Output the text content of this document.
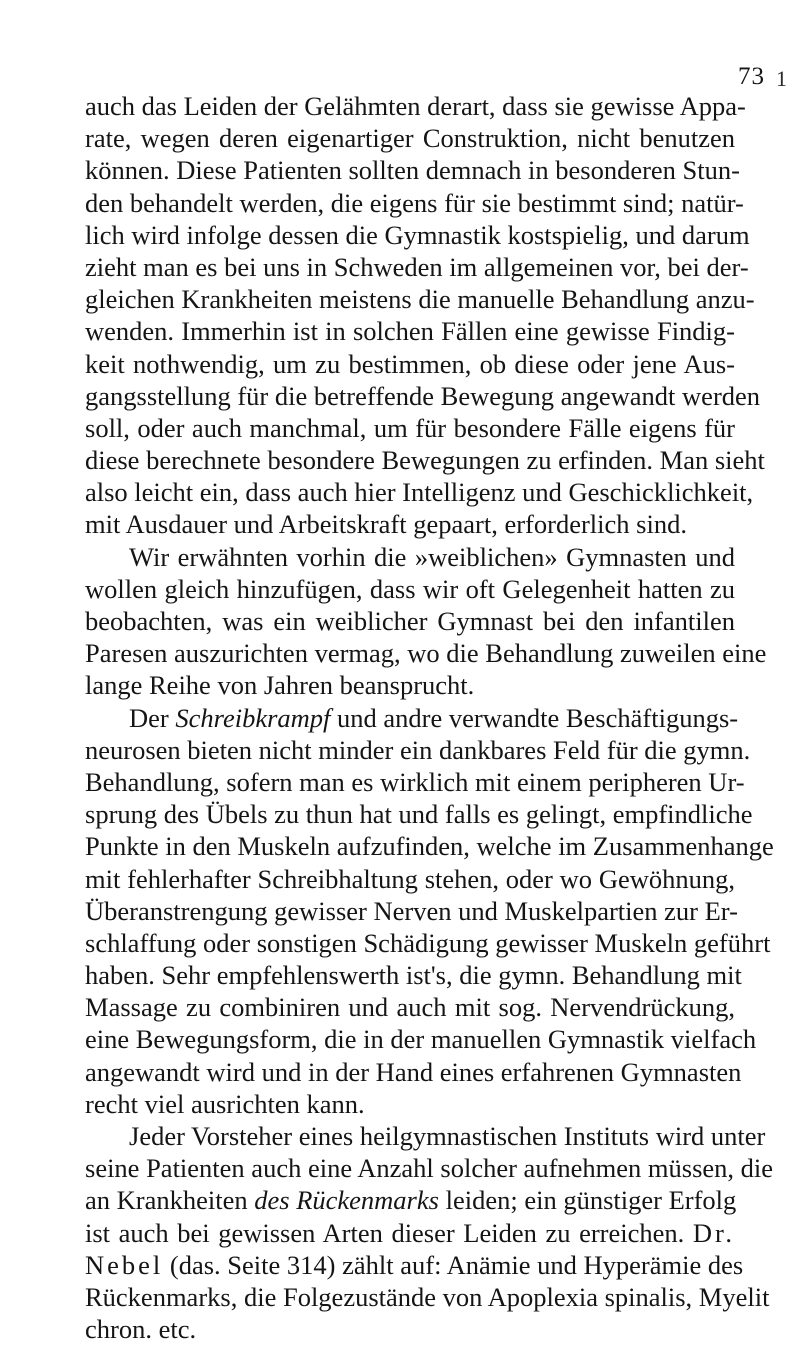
73 1
auch das Leiden der Gelähmten derart, dass sie gewisse Appa-
rate, wegen deren eigenartiger Construktion, nicht benutzen
können. Diese Patienten sollten demnach in besonderen Stun-
den behandelt werden, die eigens für sie bestimmt sind; natür-
lich wird infolge dessen die Gymnastik kostspielig, und darum
zieht man es bei uns in Schweden im allgemeinen vor, bei der-
gleichen Krankheiten meistens die manuelle Behandlung anzu-
wenden. Immerhin ist in solchen Fällen eine gewisse Findig-
keit nothwendig, um zu bestimmen, ob diese oder jene Aus-
gangsstellung für die betreffende Bewegung angewandt werden
soll, oder auch manchmal, um für besondere Fälle eigens für
diese berechnete besondere Bewegungen zu erfinden. Man sieht
also leicht ein, dass auch hier Intelligenz und Geschicklichkeit,
mit Ausdauer und Arbeitskraft gepaart, erforderlich sind.
Wir erwähnten vorhin die »weiblichen» Gymnasten und
wollen gleich hinzufügen, dass wir oft Gelegenheit hatten zu
beobachten, was ein weiblicher Gymnast bei den infantilen
Paresen auszurichten vermag, wo die Behandlung zuweilen eine
lange Reihe von Jahren beansprucht.
Der Schreibkrampf und andre verwandte Beschäftigungs-
neurosen bieten nicht minder ein dankbares Feld für die gymn.
Behandlung, sofern man es wirklich mit einem peripheren Ur-
sprung des Übels zu thun hat und falls es gelingt, empfindliche
Punkte in den Muskeln aufzufinden, welche im Zusammenhange
mit fehlerhafter Schreibhaltung stehen, oder wo Gewöhnung,
Überanstrengung gewisser Nerven und Muskelpartien zur Er-
schlaffung oder sonstigen Schädigung gewisser Muskeln geführt
haben. Sehr empfehlenswerth ist's, die gymn. Behandlung mit
Massage zu combiniren und auch mit sog. Nervendrückung,
eine Bewegungsform, die in der manuellen Gymnastik vielfach
angewandt wird und in der Hand eines erfahrenen Gymnasten
recht viel ausrichten kann.
Jeder Vorsteher eines heilgymnastischen Instituts wird unter
seine Patienten auch eine Anzahl solcher aufnehmen müssen, die
an Krankheiten des Rückenmarks leiden; ein günstiger Erfolg
ist auch bei gewissen Arten dieser Leiden zu erreichen. Dr.
Nebel (das. Seite 314) zählt auf: Anämie und Hyperämie des
Rückenmarks, die Folgezustände von Apoplexia spinalis, Myelit
chron. etc.
